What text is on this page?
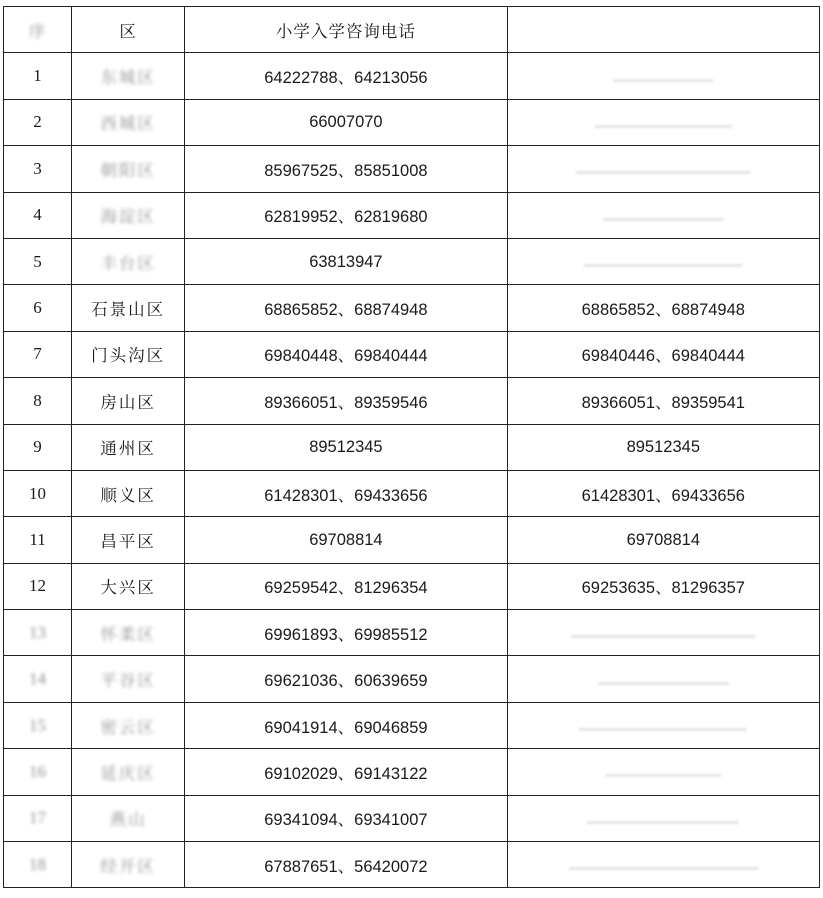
序	区	小学入学咨询电话	
1	东城区	64222788、64213056	
2	西城区	66007070	
3	朝阳区	85967525、85851008	
4	海淀区	62819952、62819680	
5	丰台区	63813947	
6	石景山区	68865852、68874948	68865852、68874948
7	门头沟区	69840448、69840444	69840446、69840444
8	房山区	89366051、89359546	89366051、89359541
9	通州区	89512345	89512345
10	顺义区	61428301、69433656	61428301、69433656
11	昌平区	69708814	69708814
12	大兴区	69259542、81296354	69253635、81296357
13	怀柔区	69961893、69985512	
14	平谷区	69621036、60639659	
15	密云区	69041914、69046859	
16	延庆区	69102029、69143122	
17	燕山	69341094、69341007	
18	经开区	67887651、56420072	
